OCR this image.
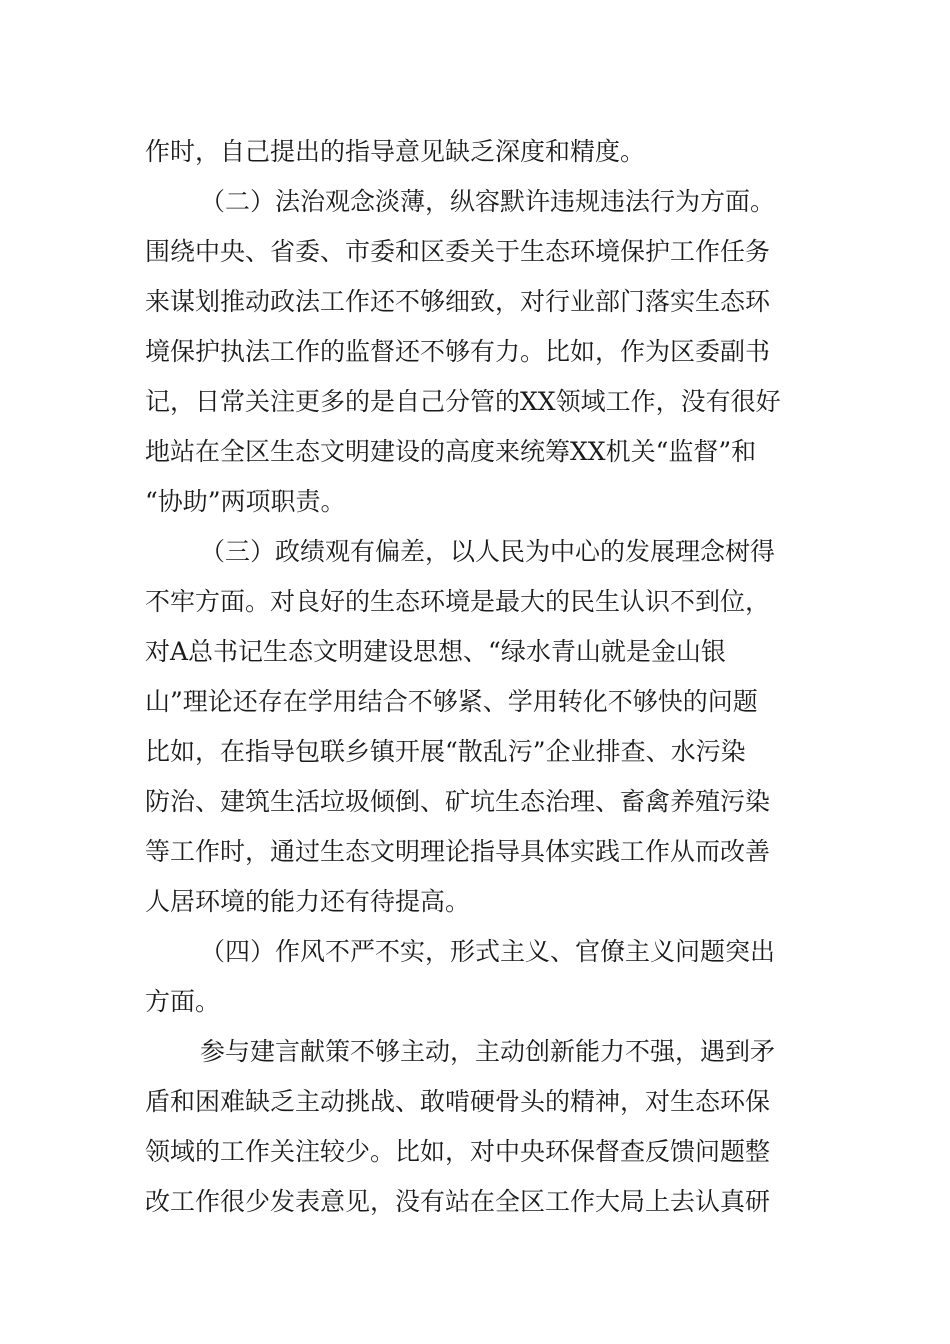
作时，自己提出的指导意见缺乏深度和精度。
（二）法治观念淡薄，纵容默许违规违法行为方面。
围绕中央、省委、市委和区委关于生态环境保护工作任务
来谋划推动政法工作还不够细致，对行业部门落实生态环
境保护执法工作的监督还不够有力。比如，作为区委副书
记，日常关注更多的是自己分管的XX领域工作，没有很好
地站在全区生态文明建设的高度来统筹XX机关“监督”和
“协助”两项职责。
（三）政绩观有偏差，以人民为中心的发展理念树得
不牢方面。对良好的生态环境是最大的民生认识不到位，
对A总书记生态文明建设思想、“绿水青山就是金山银
山”理论还存在学用结合不够紧、学用转化不够快的问题
比如，在指导包联乡镇开展“散乱污”企业排查、水污染
防治、建筑生活垃圾倾倒、矿坑生态治理、畜禽养殖污染
等工作时，通过生态文明理论指导具体实践工作从而改善
人居环境的能力还有待提高。
（四）作风不严不实，形式主义、官僚主义问题突出
方面。
参与建言献策不够主动，主动创新能力不强，遇到矛
盾和困难缺乏主动挑战、敢啃硬骨头的精神，对生态环保
领域的工作关注较少。比如，对中央环保督查反馈问题整
改工作很少发表意见，没有站在全区工作大局上去认真研
